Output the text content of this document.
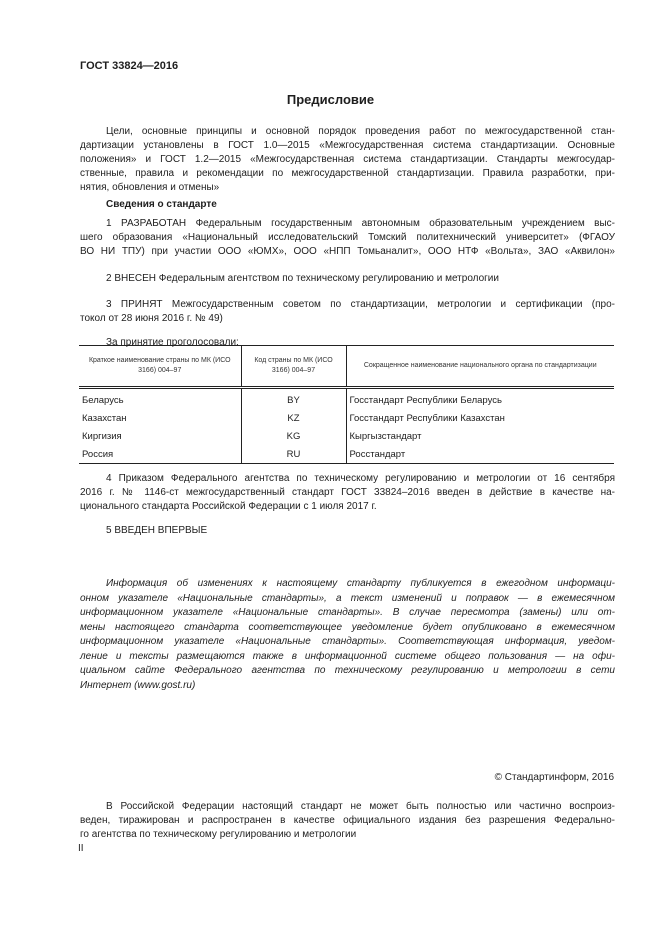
ГОСТ 33824—2016
Предисловие
Цели, основные принципы и основной порядок проведения работ по межгосударственной стан-
дартизации установлены в ГОСТ 1.0—2015 «Межгосударственная система стандартизации. Основные
положения» и ГОСТ 1.2—2015 «Межгосударственная система стандартизации. Стандарты межгосудар-
ственные, правила и рекомендации по межгосударственной стандартизации. Правила разработки, при-
нятия, обновления и отмены»
Сведения о стандарте
1 РАЗРАБОТАН Федеральным государственным автономным образовательным учреждением выс-
шего образования «Национальный исследовательский Томский политехнический университет» (ФГАОУ
ВО НИ ТПУ) при участии ООО «ЮМХ», ООО «НПП Томьаналит», ООО НТФ «Вольта», ЗАО «Аквилон»
2 ВНЕСЕН Федеральным агентством по техническому регулированию и метрологии
3 ПРИНЯТ Межгосударственным советом по стандартизации, метрологии и сертификации (про-
токол от 28 июня 2016 г. № 49)
За принятие проголосовали:
Краткое наименование страны по МК (ИСО 3166) 004–97	Код страны по МК (ИСО 3166) 004–97	Сокращенное наименование национального органа по стандартизации
Беларусь	BY	Госстандарт Республики Беларусь
Казахстан	KZ	Госстандарт Республики Казахстан
Киргизия	KG	Кыргызстандарт
Россия	RU	Росстандарт
4 Приказом Федерального агентства по техническому регулированию и метрологии от 16 сентября
2016 г. № 1146-ст межгосударственный стандарт ГОСТ 33824–2016 введен в действие в качестве на-
ционального стандарта Российской Федерации с 1 июля 2017 г.
5 ВВЕДЕН ВПЕРВЫЕ
Информация об изменениях к настоящему стандарту публикуется в ежегодном информаци-
онном указателе «Национальные стандарты», а текст изменений и поправок — в ежемесячном
информационном указателе «Национальные стандарты». В случае пересмотра (замены) или от-
мены настоящего стандарта соответствующее уведомление будет опубликовано в ежемесячном
информационном указателе «Национальные стандарты». Соответствующая информация, уведом-
ление и тексты размещаются также в информационной системе общего пользования — на офи-
циальном сайте Федерального агентства по техническому регулированию и метрологии в сети
Интернет (www.gost.ru)
© Стандартинформ, 2016
В Российской Федерации настоящий стандарт не может быть полностью или частично воспроиз-
веден, тиражирован и распространен в качестве официального издания без разрешения Федерально-
го агентства по техническому регулированию и метрологии
II
